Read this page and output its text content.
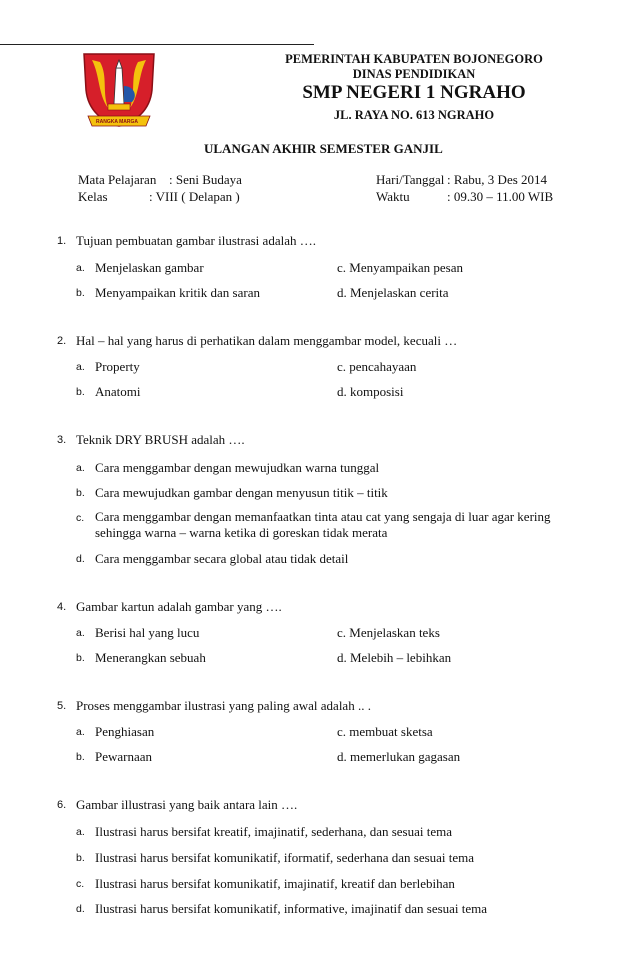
RANGKA MARGA
PEMERINTAH KABUPATEN BOJONEGORO
DINAS PENDIDIKAN
SMP NEGERI 1 NGRAHO
JL. RAYA NO. 613 NGRAHO
ULANGAN AKHIR SEMESTER GANJIL
Mata Pelajaran : Seni Budaya
Kelas	: VIII ( Delapan )
Hari/Tanggal : Rabu, 3 Des 2014
Waktu	: 09.30 – 11.00 WIB
1. Tujuan pembuatan gambar ilustrasi adalah ….
a. Menjelaskan gambar	c. Menyampaikan pesan
b. Menyampaikan kritik dan saran	d. Menjelaskan cerita
2. Hal – hal yang harus di perhatikan dalam menggambar model, kecuali …
a. Property	c. pencahayaan
b. Anatomi	d. komposisi
3. Teknik DRY BRUSH adalah ….
a. Cara menggambar dengan mewujudkan warna tunggal
b. Cara mewujudkan gambar dengan menyusun titik – titik
c. Cara menggambar dengan memanfaatkan tinta atau cat yang sengaja di luar agar kering sehingga warna – warna ketika di goreskan tidak merata
d. Cara menggambar secara global atau tidak detail
4. Gambar kartun adalah gambar yang ….
a. Berisi hal yang lucu	c. Menjelaskan teks
b. Menerangkan sebuah	d. Melebih – lebihkan
5. Proses menggambar ilustrasi yang paling awal adalah .. .
a. Penghiasan	c. membuat sketsa
b. Pewarnaan	d. memerlukan gagasan
6. Gambar illustrasi yang baik antara lain ….
a. Ilustrasi harus bersifat kreatif, imajinatif, sederhana, dan sesuai tema
b. Ilustrasi harus bersifat komunikatif, iformatif, sederhana dan sesuai tema
c. Ilustrasi harus bersifat komunikatif, imajinatif, kreatif dan berlebihan
d. Ilustrasi harus bersifat komunikatif, informative, imajinatif dan sesuai tema
